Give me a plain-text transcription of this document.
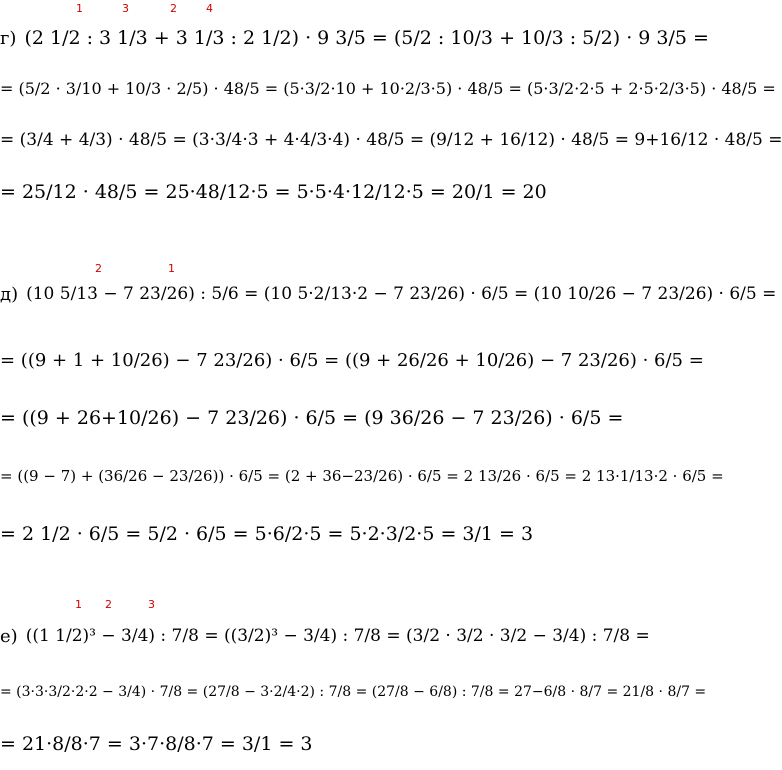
1	3	2	4
г) (2 1/2 : 3 1/3 + 3 1/3 : 2 1/2) · 9 3/5 = (5/2 : 10/3 + 10/3 : 5/2) · 9 3/5 =
= (5/2 · 3/10 + 10/3 · 2/5) · 48/5 = (5·3/2·10 + 10·2/3·5) · 48/5 = (5·3/2·2·5 + 2·5·2/3·5) · 48/5 =
= (3/4 + 4/3) · 48/5 = (3·3/4·3 + 4·4/3·4) · 48/5 = (9/12 + 16/12) · 48/5 = 9+16/12 · 48/5 =
= 25/12 · 48/5 = 25·48/12·5 = 5·5·4·12/12·5 = 20/1 = 20
2	1
д) (10 5/13 − 7 23/26) : 5/6 = (10 5·2/13·2 − 7 23/26) · 6/5 = (10 10/26 − 7 23/26) · 6/5 =
= ((9 + 1 + 10/26) − 7 23/26) · 6/5 = ((9 + 26/26 + 10/26) − 7 23/26) · 6/5 =
= ((9 + 26+10/26) − 7 23/26) · 6/5 = (9 36/26 − 7 23/26) · 6/5 =
= ((9 − 7) + (36/26 − 23/26)) · 6/5 = (2 + 36−23/26) · 6/5 = 2 13/26 · 6/5 = 2 13·1/13·2 · 6/5 =
= 2 1/2 · 6/5 = 5/2 · 6/5 = 5·6/2·5 = 5·2·3/2·5 = 3/1 = 3
1 2	3
е) ((1 1/2)³ − 3/4) : 7/8 = ((3/2)³ − 3/4) : 7/8 = (3/2 · 3/2 · 3/2 − 3/4) : 7/8 =
= (3·3·3/2·2·2 − 3/4) · 7/8 = (27/8 − 3·2/4·2) : 7/8 = (27/8 − 6/8) : 7/8 = 27−6/8 · 8/7 = 21/8 · 8/7 =
= 21·8/8·7 = 3·7·8/8·7 = 3/1 = 3
